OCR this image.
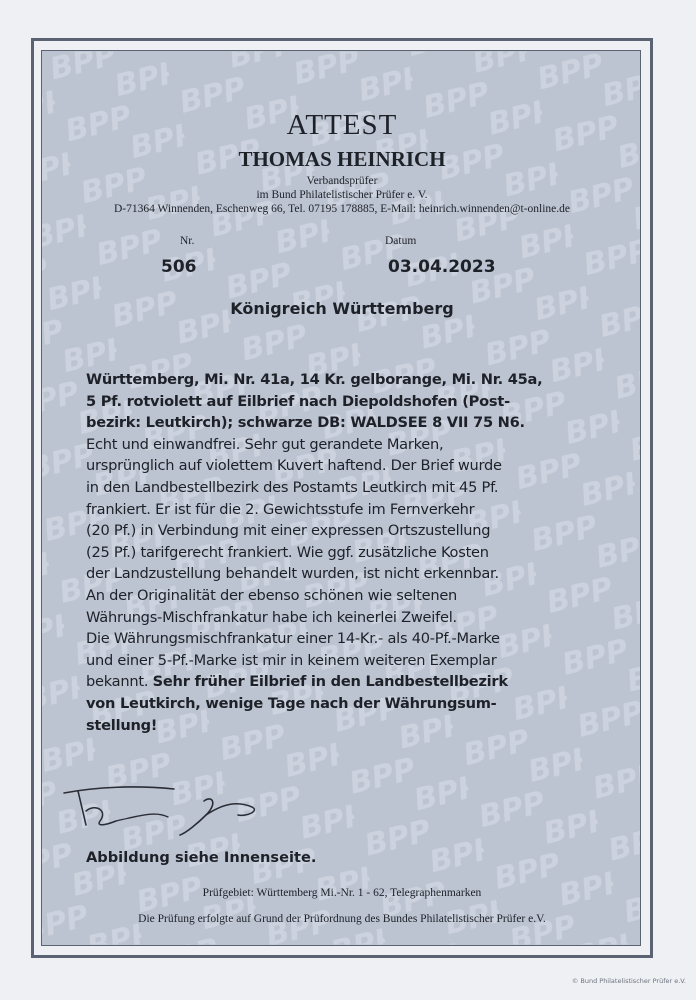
ATTEST
THOMAS HEINRICH
Verbandsprüfer
im Bund Philatelistischer Prüfer e. V.
D-71364 Winnenden, Eschenweg 66, Tel. 07195 178885, E-Mail: heinrich.winnenden@t-online.de
Nr.
506
Datum
03.04.2023
Königreich Württemberg
Württemberg, Mi. Nr. 41a, 14 Kr. gelborange, Mi. Nr. 45a,
5 Pf. rotviolett auf Eilbrief nach Diepoldshofen (Post-
bezirk: Leutkirch); schwarze DB: WALDSEE 8 VII 75 N6.
Echt und einwandfrei. Sehr gut gerandete Marken,
ursprünglich auf violettem Kuvert haftend. Der Brief wurde
in den Landbestellbezirk des Postamts Leutkirch mit 45 Pf.
frankiert. Er ist für die 2. Gewichtsstufe im Fernverkehr
(20 Pf.) in Verbindung mit einer expressen Ortszustellung
(25 Pf.) tarifgerecht frankiert. Wie ggf. zusätzliche Kosten
der Landzustellung behandelt wurden, ist nicht erkennbar.
An der Originalität der ebenso schönen wie seltenen
Währungs-Mischfrankatur habe ich keinerlei Zweifel.
Die Währungsmischfrankatur einer 14-Kr.- als 40-Pf.-Marke
und einer 5-Pf.-Marke ist mir in keinem weiteren Exemplar
bekannt. Sehr früher Eilbrief in den Landbestellbezirk
von Leutkirch, wenige Tage nach der Währungsum-
stellung!
Abbildung siehe Innenseite.
Prüfgebiet: Württemberg Mi.-Nr. 1 - 62, Telegraphenmarken
Die Prüfung erfolgte auf Grund der Prüfordnung des Bundes Philatelistischer Prüfer e.V.
© Bund Philatelistischer Prüfer e.V.
